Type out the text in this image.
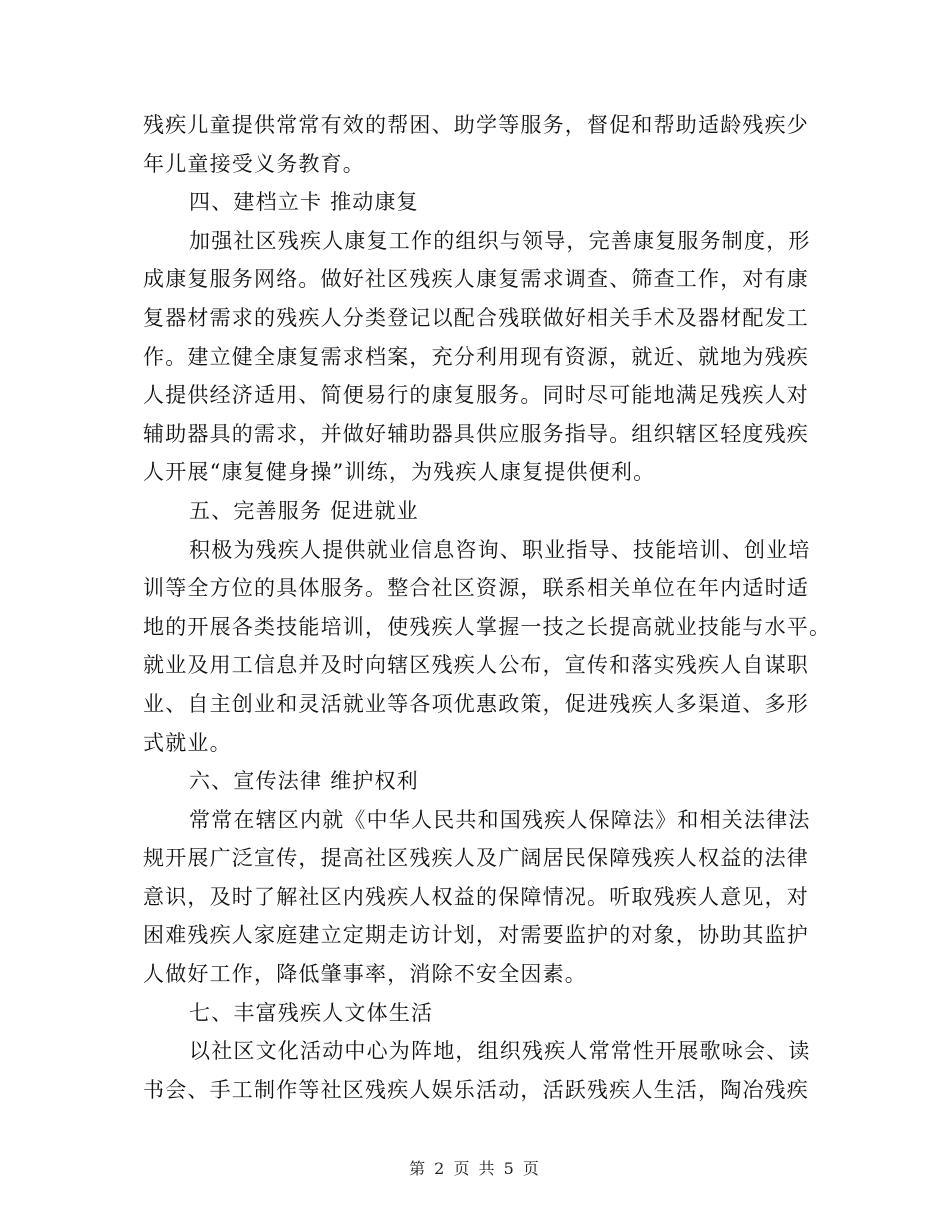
残疾儿童提供常常有效的帮困、助学等服务，督促和帮助适龄残疾少
年儿童接受义务教育。
四、建档立卡 推动康复
加强社区残疾人康复工作的组织与领导，完善康复服务制度，形
成康复服务网络。做好社区残疾人康复需求调查、筛查工作，对有康
复器材需求的残疾人分类登记以配合残联做好相关手术及器材配发工
作。建立健全康复需求档案，充分利用现有资源，就近、就地为残疾
人提供经济适用、简便易行的康复服务。同时尽可能地满足残疾人对
辅助器具的需求，并做好辅助器具供应服务指导。组织辖区轻度残疾
人开展“康复健身操”训练，为残疾人康复提供便利。
五、完善服务 促进就业
积极为残疾人提供就业信息咨询、职业指导、技能培训、创业培
训等全方位的具体服务。整合社区资源，联系相关单位在年内适时适
地的开展各类技能培训，使残疾人掌握一技之长提高就业技能与水平。
就业及用工信息并及时向辖区残疾人公布，宣传和落实残疾人自谋职
业、自主创业和灵活就业等各项优惠政策，促进残疾人多渠道、多形
式就业。
六、宣传法律 维护权利
常常在辖区内就《中华人民共和国残疾人保障法》和相关法律法
规开展广泛宣传，提高社区残疾人及广阔居民保障残疾人权益的法律
意识，及时了解社区内残疾人权益的保障情况。听取残疾人意见，对
困难残疾人家庭建立定期走访计划，对需要监护的对象，协助其监护
人做好工作，降低肇事率，消除不安全因素。
七、丰富残疾人文体生活
以社区文化活动中心为阵地，组织残疾人常常性开展歌咏会、读
书会、手工制作等社区残疾人娱乐活动，活跃残疾人生活，陶冶残疾
第 2 页 共 5 页
